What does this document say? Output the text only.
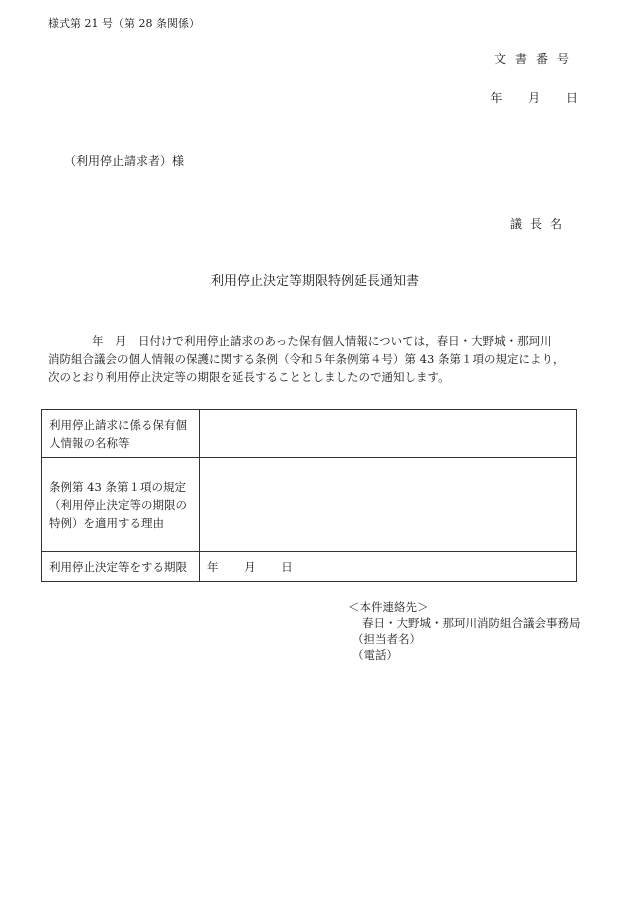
様式第 21 号（第 28 条関係）
文書番号
年 月 日
（利用停止請求者）様
議長名
利用停止決定等期限特例延長通知書
年　月　日付けで利用停止請求のあった保有個人情報については，春日・大野城・那珂川
消防組合議会の個人情報の保護に関する条例（令和５年条例第４号）第 43 条第１項の規定により，
次のとおり利用停止決定等の期限を延長することとしましたので通知します。
利用停止請求に係る保有個人情報の名称等	
条例第 43 条第１項の規定（利用停止決定等の期限の特例）を適用する理由	
利用停止決定等をする期限	年 月 日
＜本件連絡先＞
春日・大野城・那珂川消防組合議会事務局
（担当者名）
（電話）
